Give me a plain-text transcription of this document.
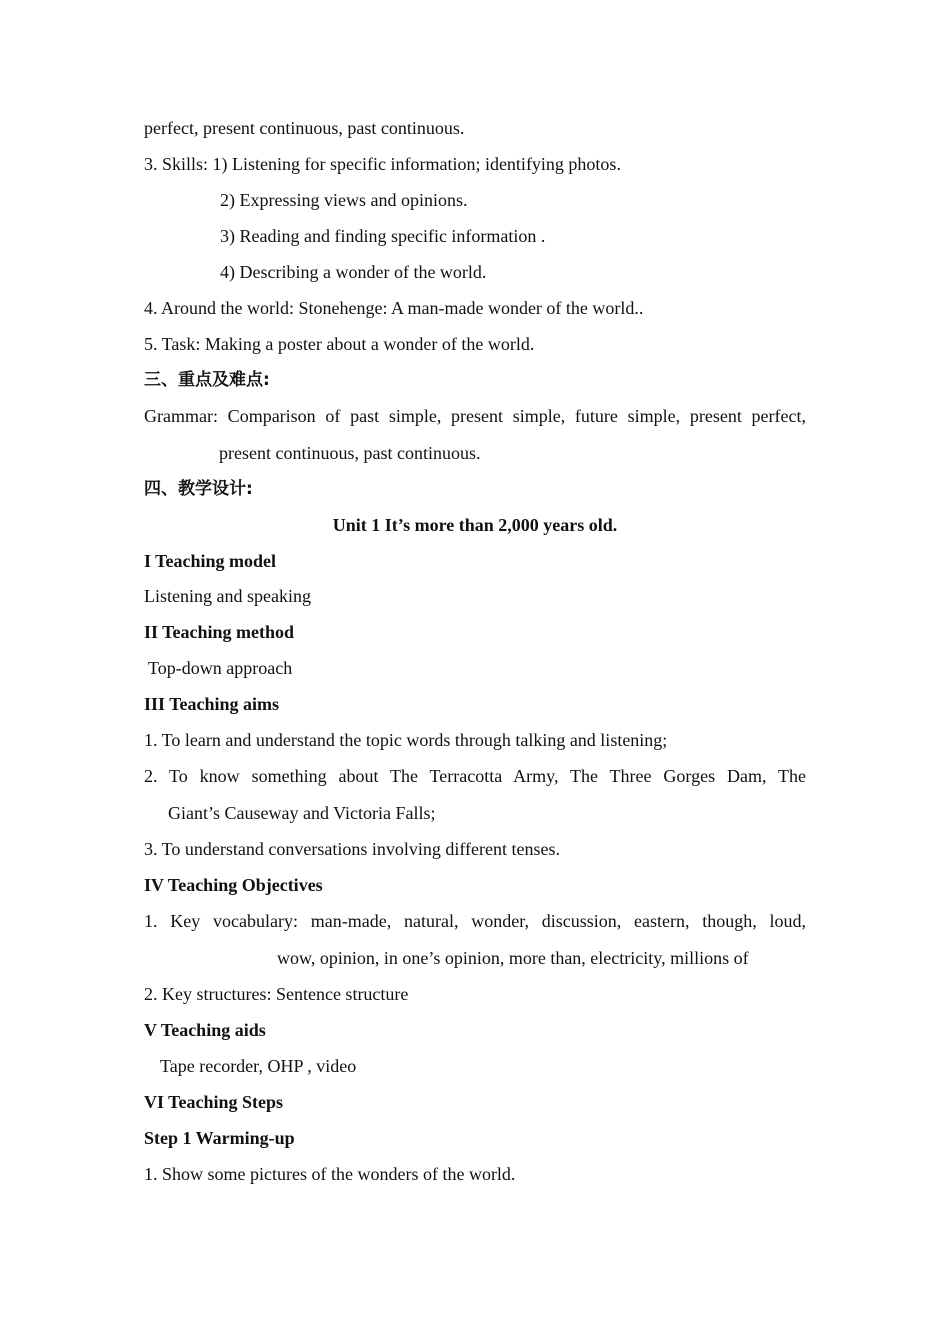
perfect, present continuous, past continuous.
3. Skills: 1) Listening for specific information; identifying photos.
2) Expressing views and opinions.
3) Reading and finding specific information .
4) Describing a wonder of the world.
4. Around the world: Stonehenge: A man-made wonder of the world..
5. Task: Making a poster about a wonder of the world.
三、重点及难点:
Grammar: Comparison of past simple, present simple, future simple, present perfect,
present continuous, past continuous.
四、教学设计:
Unit 1 It’s more than 2,000 years old.
I Teaching model
Listening and speaking
II Teaching method
Top-down approach
III Teaching aims
1. To learn and understand the topic words through talking and listening;
2. To know something about The Terracotta Army, The Three Gorges Dam, The
Giant’s Causeway and Victoria Falls;
3. To understand conversations involving different tenses.
IV Teaching Objectives
1. Key vocabulary: man-made, natural, wonder, discussion, eastern, though, loud,
wow, opinion, in one’s opinion, more than, electricity, millions of
2. Key structures: Sentence structure
V Teaching aids
Tape recorder, OHP , video
VI Teaching Steps
Step 1 Warming-up
1. Show some pictures of the wonders of the world.
